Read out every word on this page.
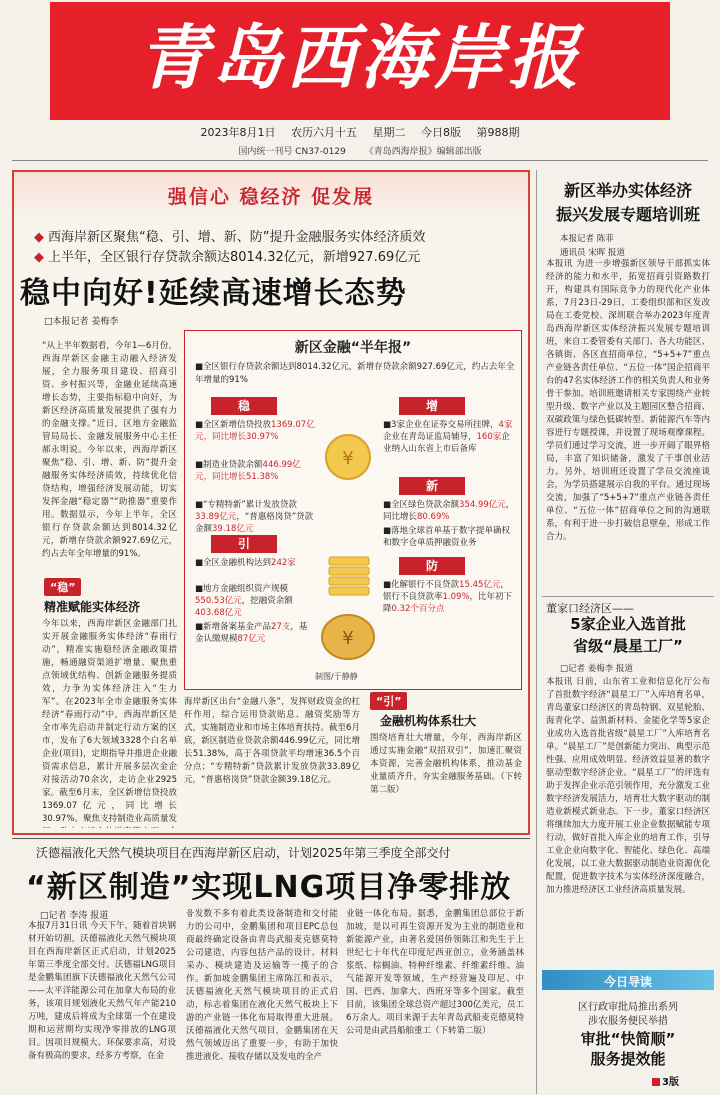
青岛西海岸报
2023年8月1日 农历六月十五 星期二 今日8版 第988期
国内统一刊号 CN37-0129 《青岛西海岸报》编辑部出版
强信心 稳经济 促发展
◆ 西海岸新区聚焦“稳、引、增、新、防”提升金融服务实体经济质效
◆ 上半年，全区银行存贷款余额达8014.32亿元，新增927.69亿元
稳中向好!延续高速增长态势
□本报记者 姜梅李
“从上半年数据看，今年1—6月份，西海岸新区金融主动融入经济发展，全力服务项目建设、招商引资、乡村振兴等，金融业延续高速增长态势，主要指标稳中向好，为新区经济高质量发展提供了强有力的金融支撑。”近日，区地方金融监管局局长、金融发展服务中心主任郝永明说。今年以来，西海岸新区聚焦“稳、引、增、新、防”提升金融服务实体经济质效，持续优化信贷结构，增强经济发展动能，切实发挥金融“稳定器”“助推器”重要作用。数据显示，今年上半年，全区银行存贷款余额达到8014.32亿元，新增存贷款余额927.69亿元，约占去年全年增量的91%。
“稳”
精准赋能实体经济
今年以来，西海岸新区金融部门扎实开展金融服务实体经济“春雨行动”，精准实施稳经济金融政策措施，畅通融资渠道扩增量、聚焦重点领域优结构、创新金融服务提质效，力争为实体经济注入“生力军”。在2023年全市金融服务实体经济“春雨行动”中，西海岸新区是全市率先启动并制定行动方案的区市，发布了6大领域3328个白名单企业(项目)，定期指导并推进企业融资需求信息，累计开展多层次金企对接活动70余次，走访企业2925家。截至6月末，全区新增信贷投放1369.07亿元，同比增长30.97%。聚焦支持制造业高质量发
新区金融“半年报”
■全区银行存贷款余额达到8014.32亿元，新增存贷款余额927.69亿元，约占去年全年增量的91%
稳	增
新
引
防
■全区新增信贷投放1369.07亿元，同比增长30.97%
■制造业贷款余额446.99亿元，同比增长51.38%
■“专精特新”累计发放贷款33.89亿元，“普惠格岗贷”贷款金额39.18亿元
■全区金融机构达到242家
■地方金融组织资产规模550.53亿元，挖融资余额403.68亿元
■新增备案基金产品27支，基金认缴规模87亿元
■3家企业在证券交易所挂牌，4家企业在青岛证监局辅导，160家企业纳入山东省上市后备库
■全区绿色贷款余额354.99亿元，同比增长80.69%
■落地全球首单基于数字提单确权和数字仓单质押融资业务
■化解银行不良贷款15.45亿元，银行不良贷款率1.09%，比年初下降0.32个百分点
¥
¥
制图/于静静
海岸新区出台“金融八条”，发挥财政资金的杠杆作用，综合运用贷款贴息、融资奖励等方式，实施制造业和市场主体培育扶持。截至6月底，新区制造业贷款余额446.99亿元，同比增长51.38%，高于各项贷款平均增速36.5个百分点；“专精特新”贷款累计发放贷款33.89亿元，“普惠格岗贷”贷款金额39.18亿元。
“引”
金融机构体系壮大
围绕培育壮大增量，今年，西海岸新区通过实施金融“双招双引”，加速汇聚资本资源，完善金融机构体系，推动基金业量质齐升，夯实金融服务基础。（下转第二版）
沃德福液化天然气模块项目在西海岸新区启动，计划2025年第三季度全部交付
“新区制造”实现LNG项目净零排放
□记者 李涛 报道
本报7月31日讯 今天下午，随着首块钢材开始切割，沃德福液化天然气模块项目在西海岸新区正式启动，计划2025年第三季度全部交付。沃德福LNG项目是金鹏集团旗下沃德福液化天然气公司——太平洋能源公司在加拿大布局的业务，该项目规划液化天然气年产能210万吨，建成后将成为全球第一个在建设期和运营期均实现净零排放的LNG项目。因项目规模大、环保要求高，对设备有极高的要求，经多方考察，在金
융发数不多有着此类设备制造和交付能力的公司中，金鹏集团和项目EPC总包商最终确定设备由青岛武船麦克德莫特公司建造，内容包括产品的设计、材料采办、模块建造及运输等一揽子的合作。新加坡金鹏集团主席陈江和表示，沃德福液化天然气模块项目的正式启动，标志着集团在液化天然气板块上下游的产业链一体化布局取得重大进展。沃德福液化天然气项目，金鹏集团在天然气领域迈出了重要一步，有助于加快推进液化、接收存储以及发电的全产
业链一体化布局。据悉，金鹏集团总部位于新加坡，是以可再生资源开发为主业的制造业和新能源产业，由著名爱国侨领陈江和先生于上世纪七十年代在印度尼西亚创立，业务涵盖林浆纸、棕榈油、特种纤维素、纤维素纤维、油气能源开发等领域，生产经营遍及印尼、中国、巴西、加拿大、西班牙等多个国家。截至目前，该集团全球总资产超过300亿美元，员工6万余人。项目来源于去年青岛武船麦克德莫特公司是由武昌船舶重工（下转第二版）
新区举办实体经济
振兴发展专题培训班
本报记者 陈菲
通讯员 宋晖 报道
本报讯 为进一步增强新区领导干部抓实体经济的能力和水平，拓宽招商引资路数打开，构建具有国际竞争力的现代化产业体系，7月23日-29日，工委组织部和区发改局在工委党校、深圳联合举办2023年度青岛西海岸新区实体经济振兴发展专题培训班，来自工委管委有关部门、各大功能区、各镇街、各区直招商单位，“5+5+7”重点产业链各责任单位、“五位一体”国企招商平台的47名实体经济工作的相关负责人和业务骨干参加。培训班邀请相关专家围绕产业转型升级、数字产业以及主题园区整合招商、双碳政策与绿色低碳转型、新能源汽车等内容进行专题授课，并设置了现场观摩课程。学员们通过学习交流，进一步开阔了眼界格局，丰富了知识储备，激发了干事创业活力。另外，培训班还设置了学员交流座谈会，为学员搭建展示自我的平台。通过现场交流，加强了“5+5+7”重点产业链各责任单位、“五位一体”招商单位之间的沟通联系，有利于进一步打破信息壁垒，形成工作合力。
董家口经济区——
5家企业入选首批
省级“晨星工厂”
□记者 姜梅李 报道
本报讯 日前，山东省工业和信息化厅公布了首批数字经济“晨星工厂”入库培育名单，青岛董家口经济区的青岛特钢、双星轮胎、海青化学、益凯新材料、金能化学等5家企业成功入选首批省级“晨星工厂”入库培育名单。“晨星工厂”是创新能力突出、典型示范性强、应用成效明显、经济效益显著的数字驱动型数字经济企业。“晨星工厂”的评选有助于发挥企业示范引领作用，充分激发工业数字经济发展活力，培育壮大数字驱动的制造业新模式新业态。下一步，董家口经济区将继续加大力度开展工业企业数据赋能专项行动，做好首批入库企业的培育工作，引导工业企业向数字化、智能化、绿色化、高端化发展，以工业大数据驱动制造业资源优化配置，促进数字技术与实体经济深度融合，加力推进经济区工业经济高质量发展。
今日导读
区行政审批局推出系列
涉农服务便民举措
审批“快简顺”
服务提效能
3版
